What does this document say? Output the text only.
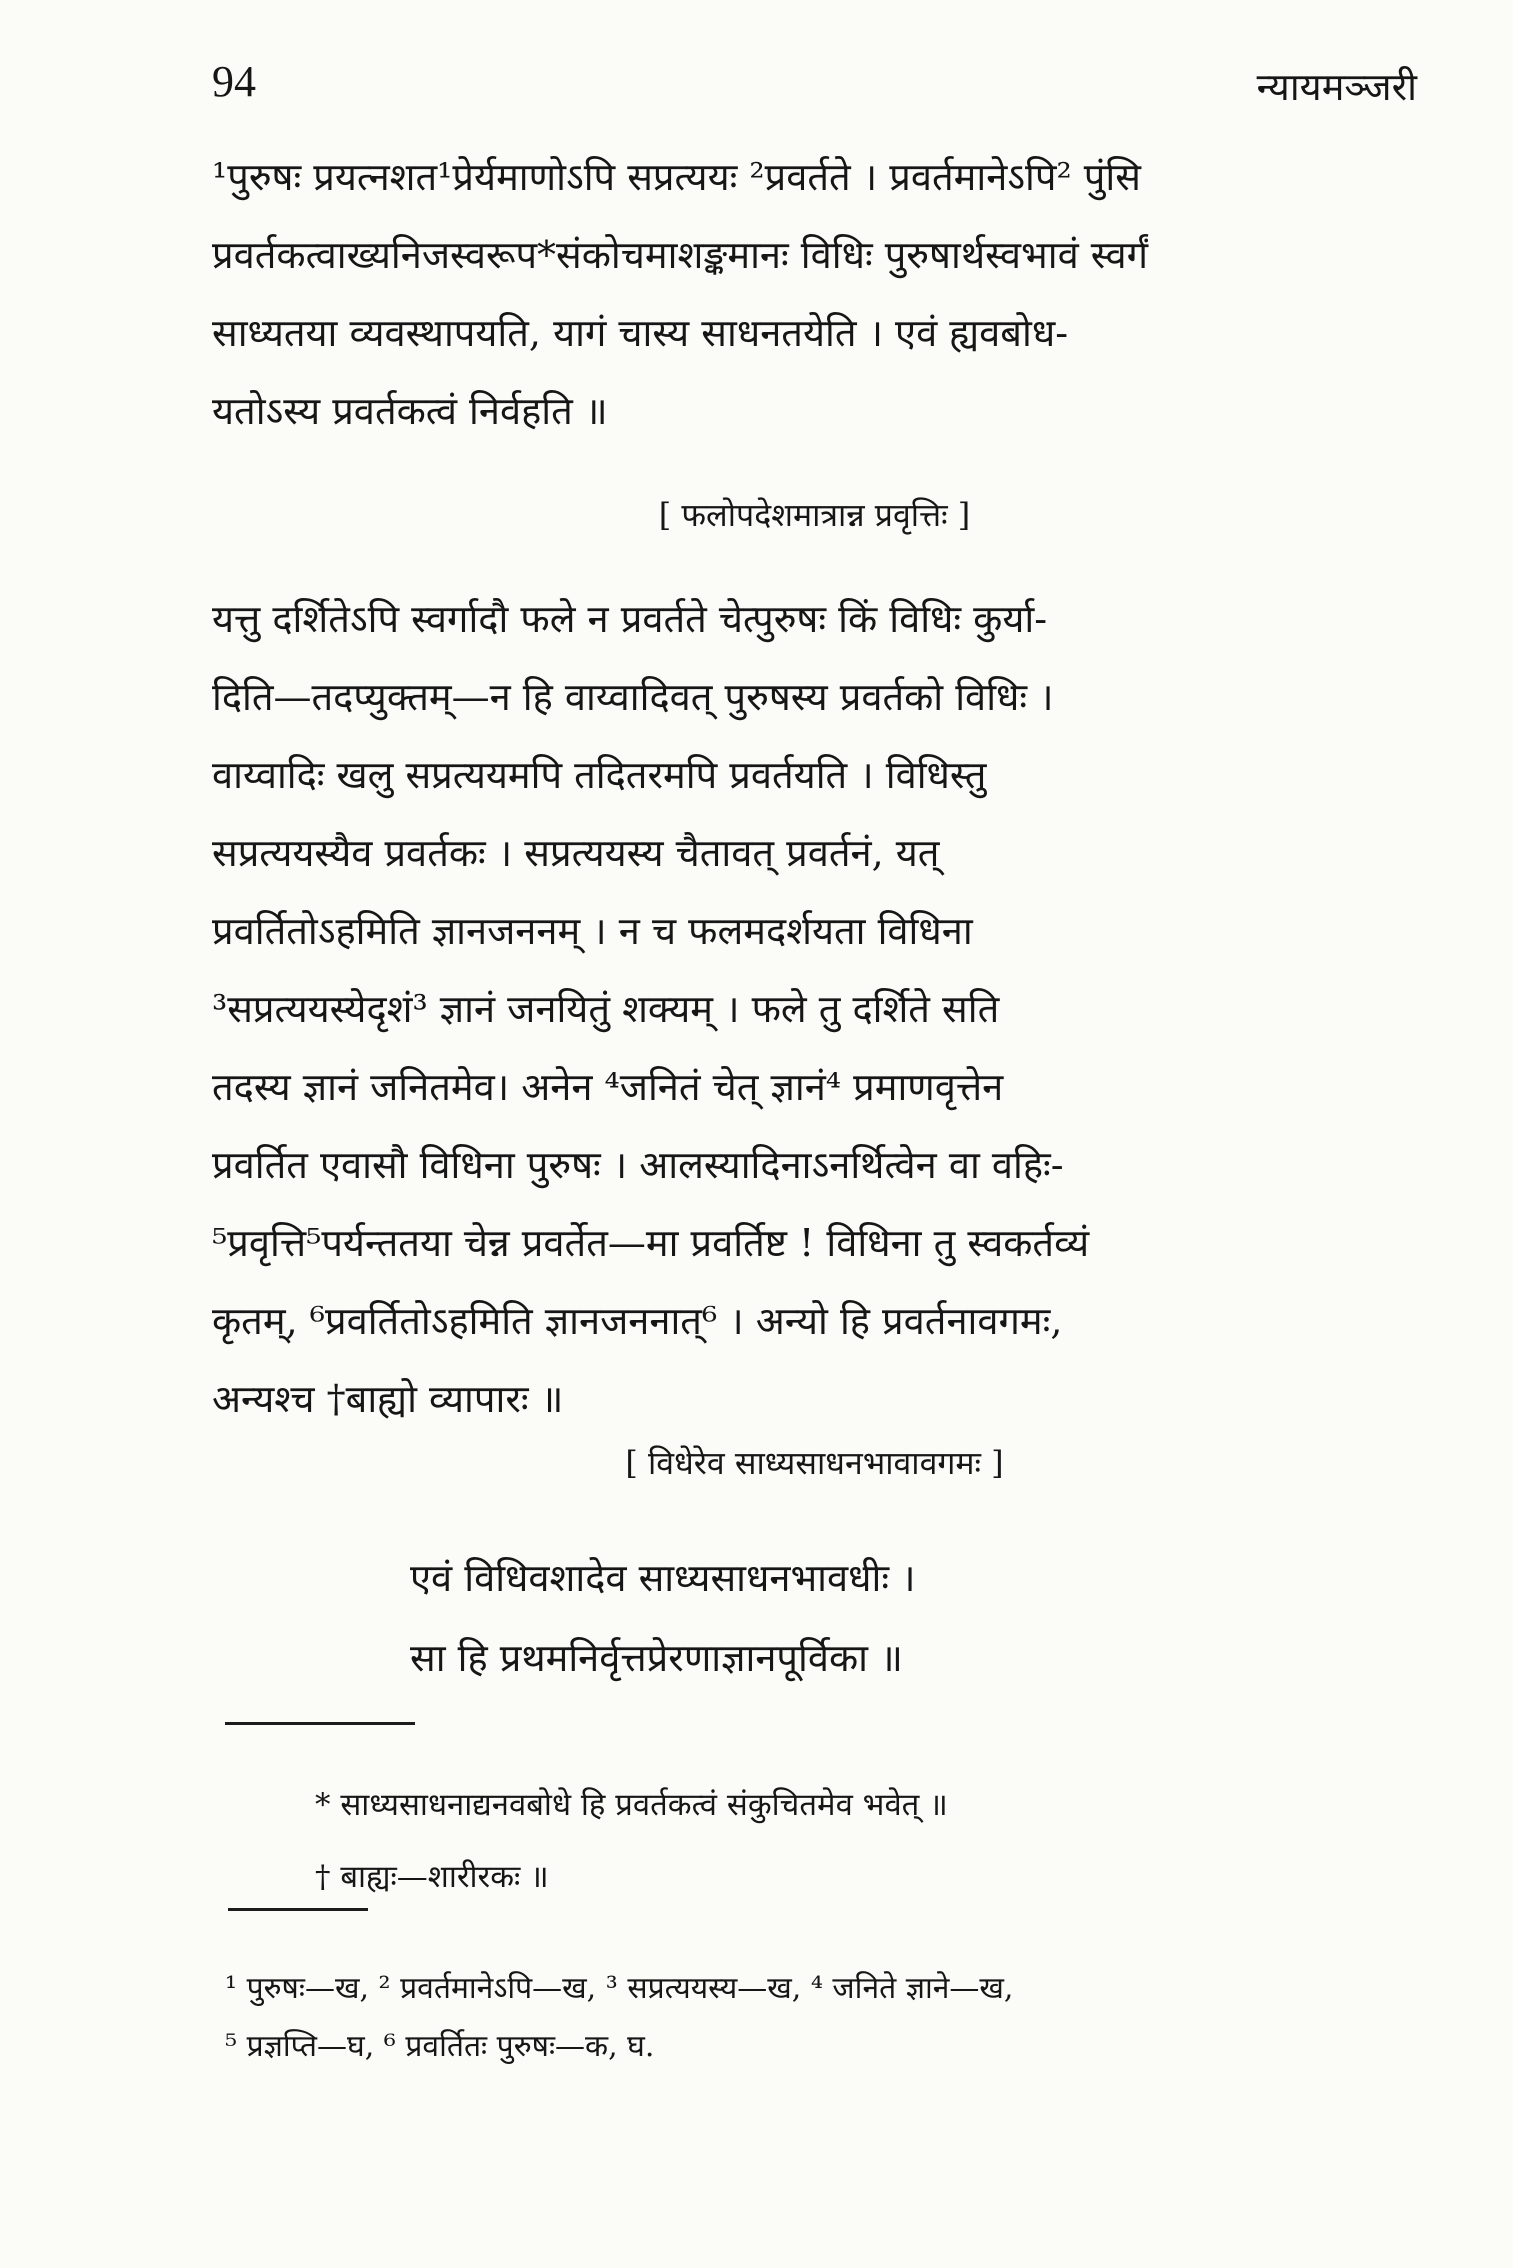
94	न्यायमञ्जरी

¹पुरुषः प्रयत्नशत¹प्रेर्यमाणोऽपि सप्रत्ययः ²प्रवर्तते । प्रवर्तमानेऽपि² पुंसि
प्रवर्तकत्वाख्यनिजस्वरूप*संकोचमाशङ्कमानः विधिः पुरुषार्थस्वभावं स्वर्गं
साध्यतया व्यवस्थापयति, यागं चास्य साधनतयेति । एवं ह्यवबोध-
यतोऽस्य प्रवर्तकत्वं निर्वहति ॥

[ फलोपदेशमात्रान्न प्रवृत्तिः ]

यत्तु दर्शितेऽपि स्वर्गादौ फले न प्रवर्तते चेत्पुरुषः किं विधिः कुर्या-
दिति—तदप्युक्तम्—न हि वाय्वादिवत् पुरुषस्य प्रवर्तको विधिः ।
वाय्वादिः खलु सप्रत्ययमपि तदितरमपि प्रवर्तयति । विधिस्तु
सप्रत्ययस्यैव प्रवर्तकः । सप्रत्ययस्य चैतावत् प्रवर्तनं, यत्
प्रवर्तितोऽहमिति ज्ञानजननम् । न च फलमदर्शयता विधिना
³सप्रत्ययस्येदृशं³ ज्ञानं जनयितुं शक्यम् । फले तु दर्शिते सति
तदस्य ज्ञानं जनितमेव। अनेन ⁴जनितं चेत् ज्ञानं⁴ प्रमाणवृत्तेन
प्रवर्तित एवासौ विधिना पुरुषः । आलस्यादिनाऽनर्थित्वेन वा वहिः-
⁵प्रवृत्ति⁵पर्यन्ततया चेन्न प्रवर्तेत—मा प्रवर्तिष्ट ! विधिना तु स्वकर्तव्यं
कृतम्, ⁶प्रवर्तितोऽहमिति ज्ञानजननात्⁶ । अन्यो हि प्रवर्तनावगमः,
अन्यश्च †बाह्यो व्यापारः ॥

[ विधेरेव साध्यसाधनभावावगमः ]
एवं विधिवशादेव साध्यसाधनभावधीः ।
सा हि प्रथमनिर्वृत्तप्रेरणाज्ञानपूर्विका ॥
* साध्यसाधनाद्यनवबोधे हि प्रवर्तकत्वं संकुचितमेव भवेत् ॥
† बाह्यः—शारीरकः ॥
¹ पुरुषः—ख, ² प्रवर्तमानेऽपि—ख, ³ सप्रत्ययस्य—ख, ⁴ जनिते ज्ञाने—ख,
⁵ प्रज्ञप्ति—घ, ⁶ प्रवर्तितः पुरुषः—क, घ.
